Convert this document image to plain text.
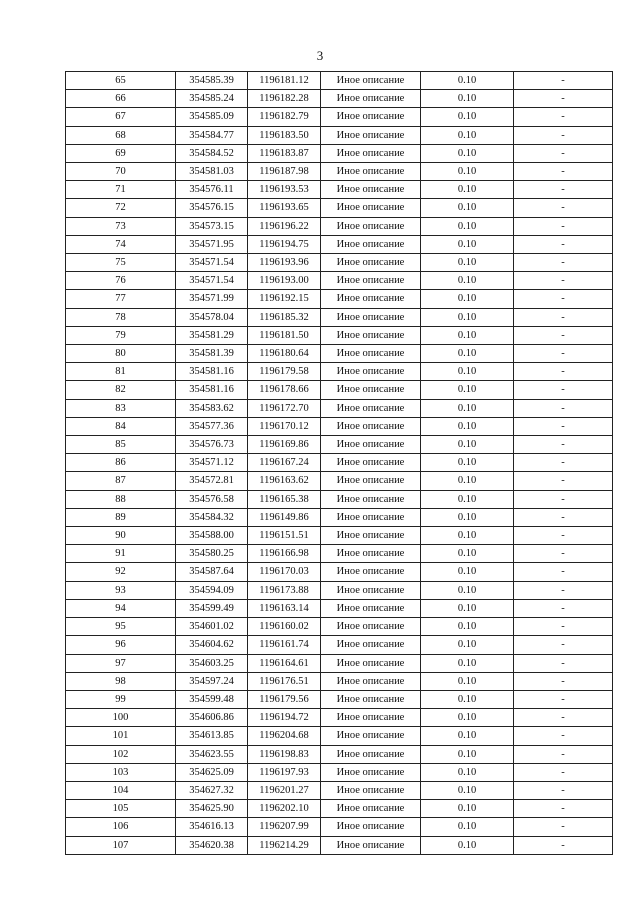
3
65	354585.39	1196181.12	Иное описание	0.10	-
66	354585.24	1196182.28	Иное описание	0.10	-
67	354585.09	1196182.79	Иное описание	0.10	-
68	354584.77	1196183.50	Иное описание	0.10	-
69	354584.52	1196183.87	Иное описание	0.10	-
70	354581.03	1196187.98	Иное описание	0.10	-
71	354576.11	1196193.53	Иное описание	0.10	-
72	354576.15	1196193.65	Иное описание	0.10	-
73	354573.15	1196196.22	Иное описание	0.10	-
74	354571.95	1196194.75	Иное описание	0.10	-
75	354571.54	1196193.96	Иное описание	0.10	-
76	354571.54	1196193.00	Иное описание	0.10	-
77	354571.99	1196192.15	Иное описание	0.10	-
78	354578.04	1196185.32	Иное описание	0.10	-
79	354581.29	1196181.50	Иное описание	0.10	-
80	354581.39	1196180.64	Иное описание	0.10	-
81	354581.16	1196179.58	Иное описание	0.10	-
82	354581.16	1196178.66	Иное описание	0.10	-
83	354583.62	1196172.70	Иное описание	0.10	-
84	354577.36	1196170.12	Иное описание	0.10	-
85	354576.73	1196169.86	Иное описание	0.10	-
86	354571.12	1196167.24	Иное описание	0.10	-
87	354572.81	1196163.62	Иное описание	0.10	-
88	354576.58	1196165.38	Иное описание	0.10	-
89	354584.32	1196149.86	Иное описание	0.10	-
90	354588.00	1196151.51	Иное описание	0.10	-
91	354580.25	1196166.98	Иное описание	0.10	-
92	354587.64	1196170.03	Иное описание	0.10	-
93	354594.09	1196173.88	Иное описание	0.10	-
94	354599.49	1196163.14	Иное описание	0.10	-
95	354601.02	1196160.02	Иное описание	0.10	-
96	354604.62	1196161.74	Иное описание	0.10	-
97	354603.25	1196164.61	Иное описание	0.10	-
98	354597.24	1196176.51	Иное описание	0.10	-
99	354599.48	1196179.56	Иное описание	0.10	-
100	354606.86	1196194.72	Иное описание	0.10	-
101	354613.85	1196204.68	Иное описание	0.10	-
102	354623.55	1196198.83	Иное описание	0.10	-
103	354625.09	1196197.93	Иное описание	0.10	-
104	354627.32	1196201.27	Иное описание	0.10	-
105	354625.90	1196202.10	Иное описание	0.10	-
106	354616.13	1196207.99	Иное описание	0.10	-
107	354620.38	1196214.29	Иное описание	0.10	-
